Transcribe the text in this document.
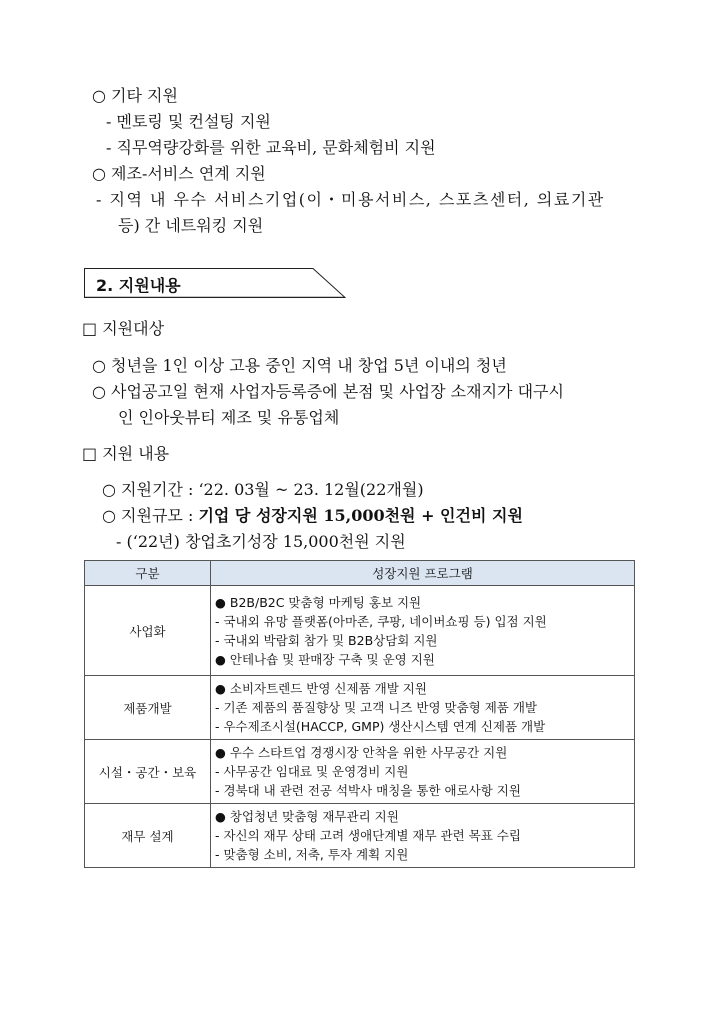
○ 기타 지원
- 멘토링 및 컨설팅 지원
- 직무역량강화를 위한 교육비, 문화체험비 지원
○ 제조-서비스 연계 지원
- 지역 내 우수 서비스기업(이・미용서비스, 스포츠센터, 의료기관
등) 간 네트워킹 지원
2. 지원내용
□ 지원대상
○ 청년을 1인 이상 고용 중인 지역 내 창업 5년 이내의 청년
○ 사업공고일 현재 사업자등록증에 본점 및 사업장 소재지가 대구시
인 인아웃뷰티 제조 및 유통업체
□ 지원 내용
○ 지원기간 : ‘22. 03월 ~ 23. 12월(22개월)
○ 지원규모 : 기업 당 성장지원 15,000천원 + 인건비 지원
- (‘22년) 창업초기성장 15,000천원 지원
구분	성장지원 프로그램
사업화	● B2B/B2C 맞춤형 마케팅 홍보 지원
- 국내외 유망 플랫폼(아마존, 쿠팡, 네이버쇼핑 등) 입점 지원
- 국내외 박람회 참가 및 B2B상담회 지원
● 안테나숍 및 판매장 구축 및 운영 지원

제품개발	● 소비자트렌드 반영 신제품 개발 지원
- 기존 제품의 품질향상 및 고객 니즈 반영 맞춤형 제품 개발
- 우수제조시설(HACCP, GMP) 생산시스템 연계 신제품 개발

시설・공간・보육	● 우수 스타트업 경쟁시장 안착을 위한 사무공간 지원
- 사무공간 임대료 및 운영경비 지원
- 경북대 내 관련 전공 석박사 매칭을 통한 애로사항 지원

재무 설계	● 창업청년 맞춤형 재무관리 지원
- 자신의 재무 상태 고려 생애단계별 재무 관련 목표 수립
- 맞춤형 소비, 저축, 투자 계획 지원
